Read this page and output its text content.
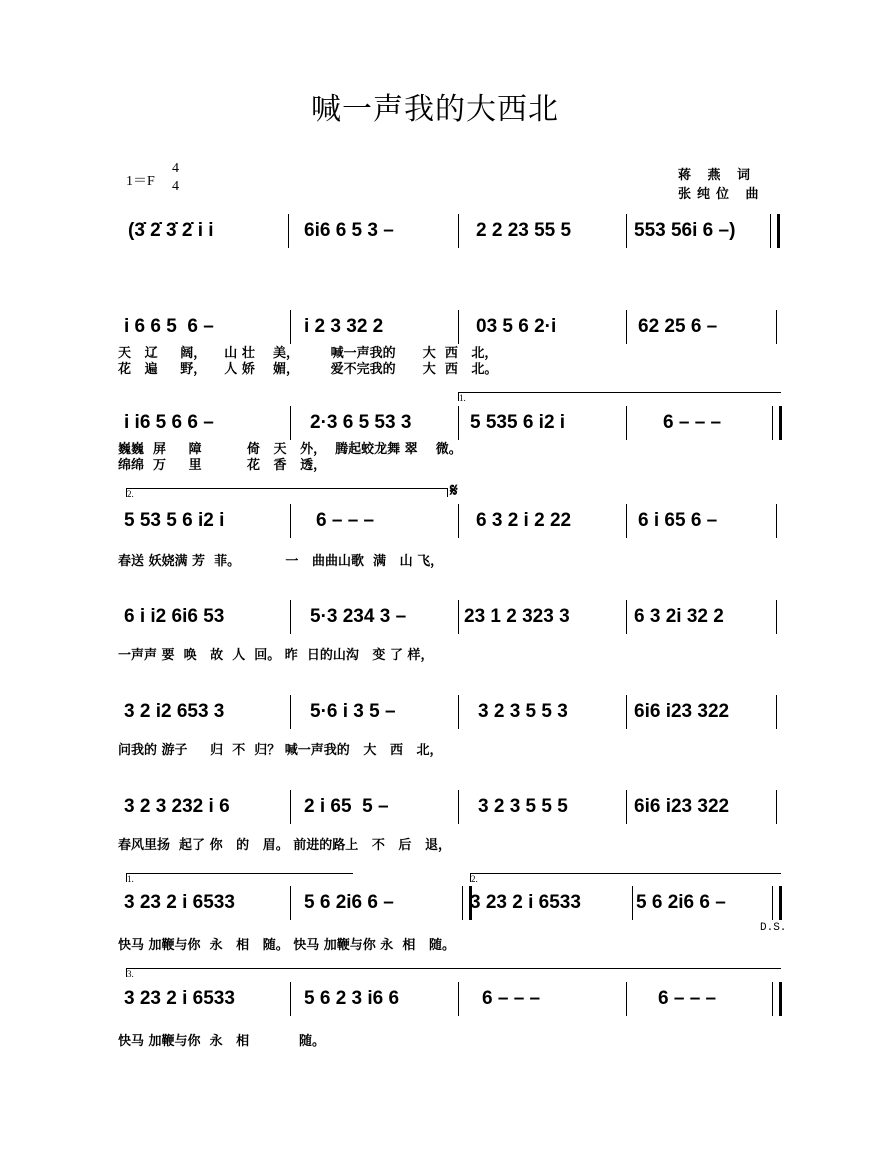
喊一声我的大西北
1＝F
4
4
蒋 燕 词
张纯位 曲
(3̇ 2̇ 3̇ 2̇ i i	6i6 6 5 3 –	2 2 23 55 5	553 56i 6 –)
i 6 6 5  6 –	i 2 3 32 2	03 5 6 2·i	62 25 6 –
天   辽     阔，    山 壮    美，       喊一声我的      大  西   北，
花   遍     野，    人 娇    媚，       爱不完我的      大  西   北。
1.
i i6 5 6 6 –	2·3 6 5 53 3	5 535 6 i2 i	6 – – –
巍巍  屏     障          倚   天   外，  腾起蛟龙舞 翠    微。
绵绵  万     里          花   香   透，
2.	𝄋
5 53 5 6 i2 i	6 – – –	6 3 2 i 2 22	6 i 65 6 –
春送 妖娆满 芳  菲。          一   曲曲山歌  满   山 飞，
6 i i2 6i6 53	5·3 234 3 –	23 1 2 323 3	6 3 2i 32 2
一声声 要  唤   故  人  回。 昨  日的山沟   变 了 样，
3 2 i2 653 3	5·6 i 3 5 –	3 2 3 5 5 3	6i6 i23 322
问我的 游子     归  不  归？ 喊一声我的   大   西   北，
3 2 3 232 i 6	2 i 65  5 –	3 2 3 5 5 5	6i6 i23 322
春风里扬  起了 你   的   眉。 前进的路上   不   后   退，
1.	2.
3 23 2 i 6533	5 6 2i6 6 –	3 23 2 i 6533	5 6 2i6 6 –
D.S.
快马 加鞭与你  永   相   随。 快马 加鞭与你 永  相   随。
3.
3 23 2 i 6533	5 6 2 3 i6 6	6 – – –	6 – – –
快马 加鞭与你  永   相           随。
